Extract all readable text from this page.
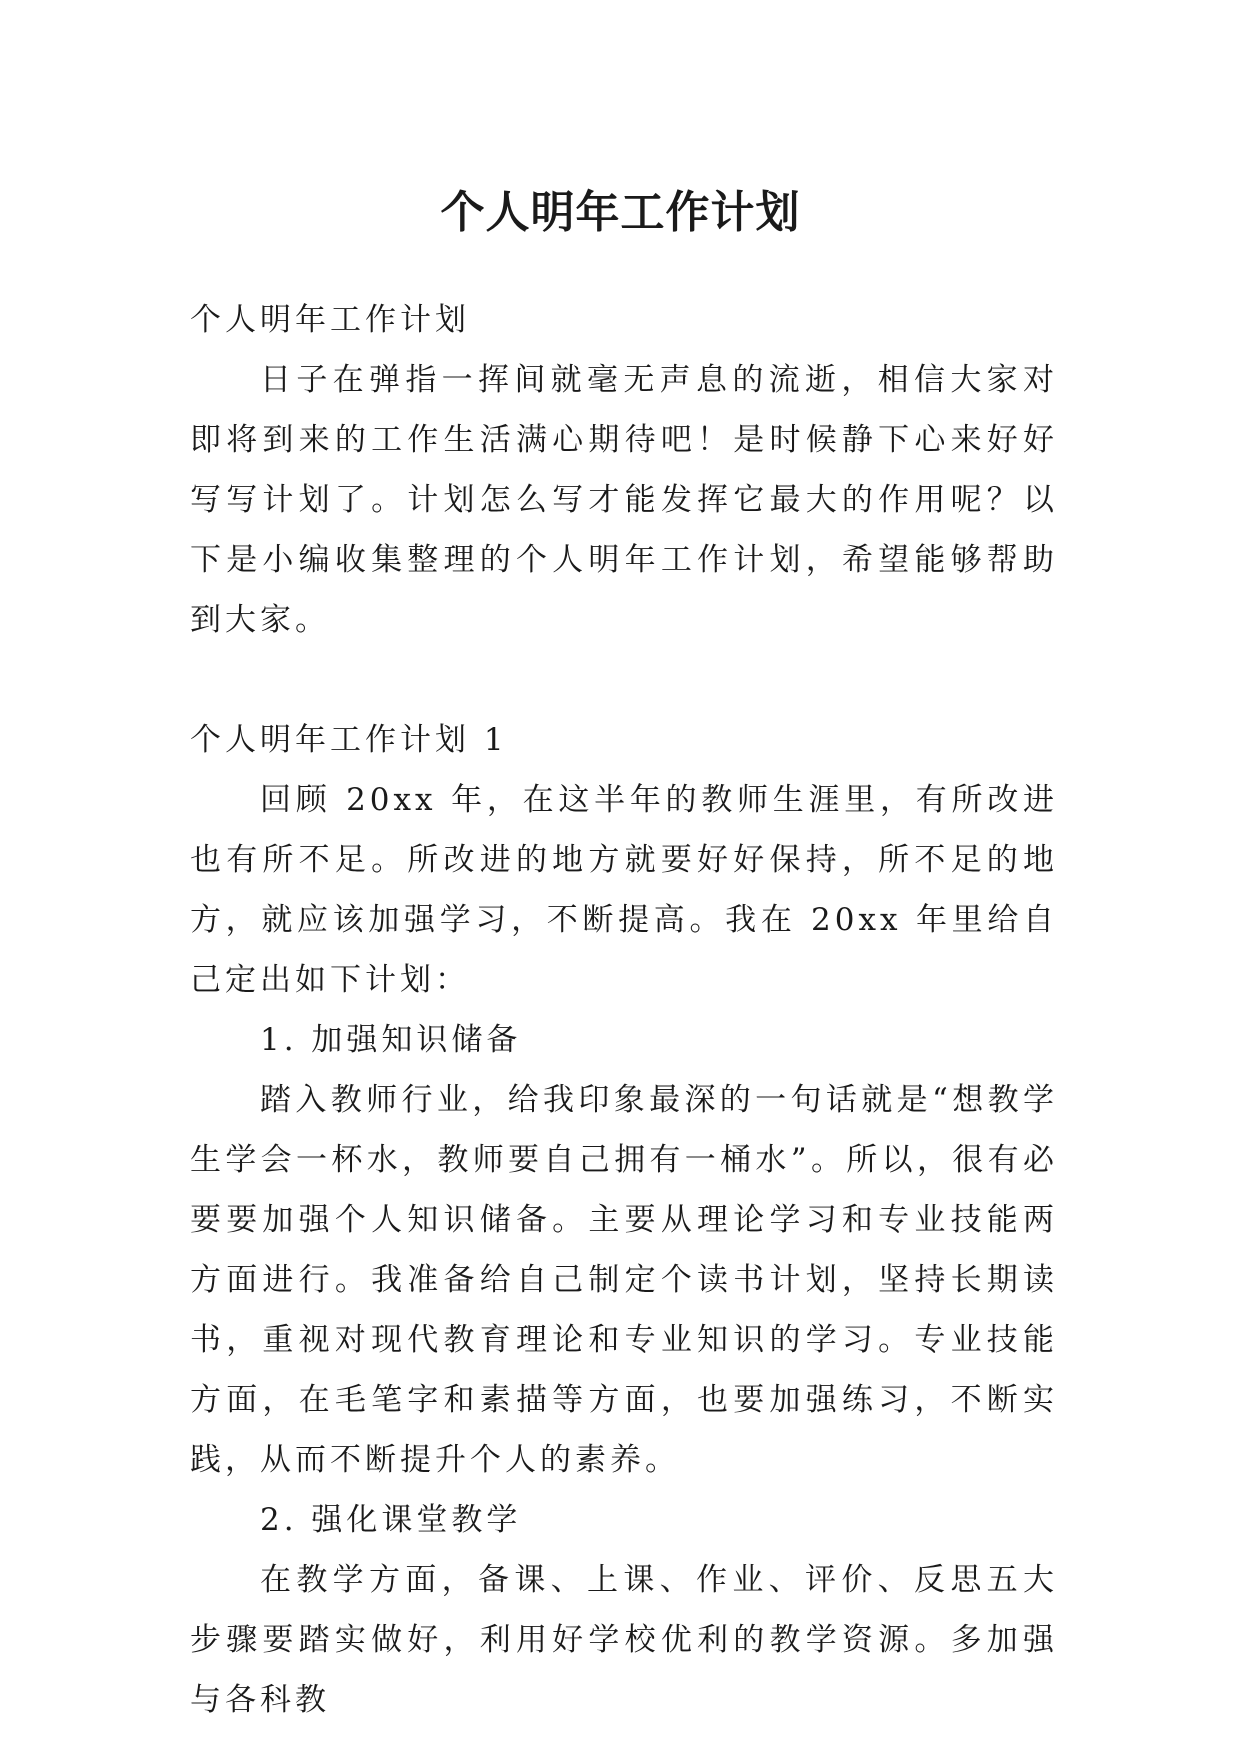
个人明年工作计划

个人明年工作计划

日子在弹指一挥间就毫无声息的流逝，相信大家对即将到来的工作生活满心期待吧！是时候静下心来好好写写计划了。计划怎么写才能发挥它最大的作用呢？以下是小编收集整理的个人明年工作计划，希望能够帮助到大家。

个人明年工作计划 1

回顾 20xx 年，在这半年的教师生涯里，有所改进也有所不足。所改进的地方就要好好保持，所不足的地方，就应该加强学习，不断提高。我在 20xx 年里给自己定出如下计划：

1. 加强知识储备

踏入教师行业，给我印象最深的一句话就是“想教学生学会一杯水，教师要自己拥有一桶水”。所以，很有必要要加强个人知识储备。主要从理论学习和专业技能两方面进行。我准备给自己制定个读书计划，坚持长期读书，重视对现代教育理论和专业知识的学习。专业技能方面，在毛笔字和素描等方面，也要加强练习，不断实践，从而不断提升个人的素养。

2. 强化课堂教学

在教学方面，备课、上课、作业、评价、反思五大步骤要踏实做好，利用好学校优利的教学资源。多加强与各科教
